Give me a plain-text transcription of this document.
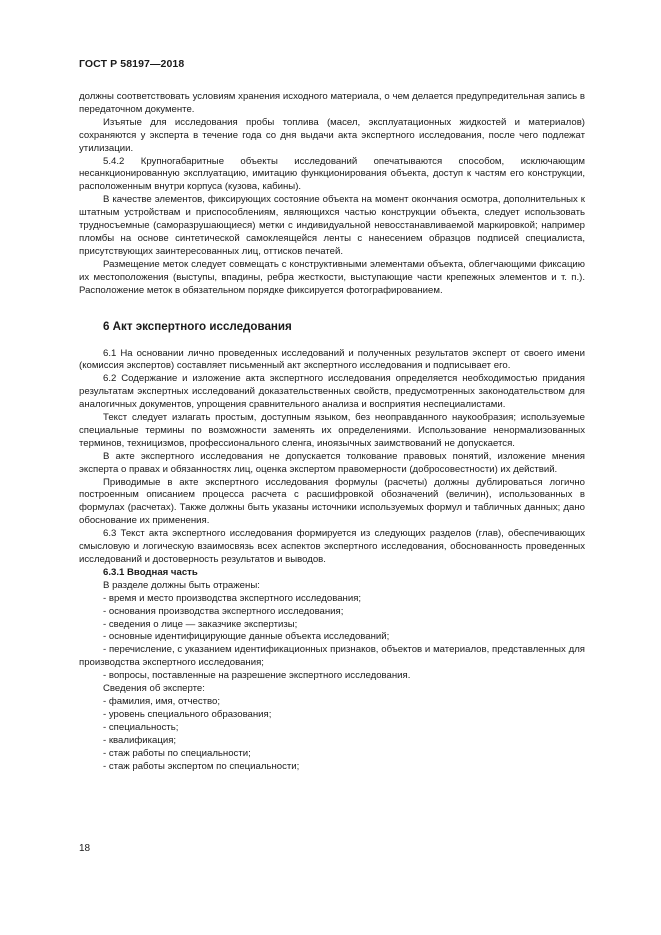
ГОСТ Р 58197—2018

должны соответствовать условиям хранения исходного материала, о чем делается предупредительная запись в передаточном документе.

Изъятые для исследования пробы топлива (масел, эксплуатационных жидкостей и материалов) сохраняются у эксперта в течение года со дня выдачи акта экспертного исследования, после чего подлежат утилизации.

5.4.2 Крупногабаритные объекты исследований опечатываются способом, исключающим несанкционированную эксплуатацию, имитацию функционирования объекта, доступ к частям его конструкции, расположенным внутри корпуса (кузова, кабины).

В качестве элементов, фиксирующих состояние объекта на момент окончания осмотра, дополнительных к штатным устройствам и приспособлениям, являющихся частью конструкции объекта, следует использовать трудносъемные (саморазрушающиеся) метки с индивидуальной невосстанавливаемой маркировкой; например пломбы на основе синтетической самоклеящейся ленты с нанесением образцов подписей специалиста, присутствующих заинтересованных лиц, оттисков печатей.

Размещение меток следует совмещать с конструктивными элементами объекта, облегчающими фиксацию их местоположения (выступы, впадины, ребра жесткости, выступающие части крепежных элементов и т. п.). Расположение меток в обязательном порядке фиксируется фотографированием.

6 Акт экспертного исследования

6.1 На основании лично проведенных исследований и полученных результатов эксперт от своего имени (комиссия экспертов) составляет письменный акт экспертного исследования и подписывает его.

6.2 Содержание и изложение акта экспертного исследования определяется необходимостью придания результатам экспертных исследований доказательственных свойств, предусмотренных законодательством для аналогичных документов, упрощения сравнительного анализа и восприятия неспециалистами.

Текст следует излагать простым, доступным языком, без неоправданного наукообразия; используемые специальные термины по возможности заменять их определениями. Использование ненормализованных терминов, техницизмов, профессионального сленга, иноязычных заимствований не допускается.

В акте экспертного исследования не допускается толкование правовых понятий, изложение мнения эксперта о правах и обязанностях лиц, оценка экспертом правомерности (добросовестности) их действий.

Приводимые в акте экспертного исследования формулы (расчеты) должны дублироваться логично построенным описанием процесса расчета с расшифровкой обозначений (величин), использованных в формулах (расчетах). Также должны быть указаны источники используемых формул и табличных данных; дано обоснование их применения.

6.3 Текст акта экспертного исследования формируется из следующих разделов (глав), обеспечивающих смысловую и логическую взаимосвязь всех аспектов экспертного исследования, обоснованность проведенных исследований и достоверность результатов и выводов.

6.3.1 Вводная часть

В разделе должны быть отражены:

- время и место производства экспертного исследования;
- основания производства экспертного исследования;
- сведения о лице — заказчике экспертизы;
- основные идентифицирующие данные объекта исследований;
- перечисление, с указанием идентификационных признаков, объектов и материалов, представленных для производства экспертного исследования;
- вопросы, поставленные на разрешение экспертного исследования.

Сведения об эксперте:

- фамилия, имя, отчество;
- уровень специального образования;
- специальность;
- квалификация;
- стаж работы по специальности;
- стаж работы экспертом по специальности;
18
